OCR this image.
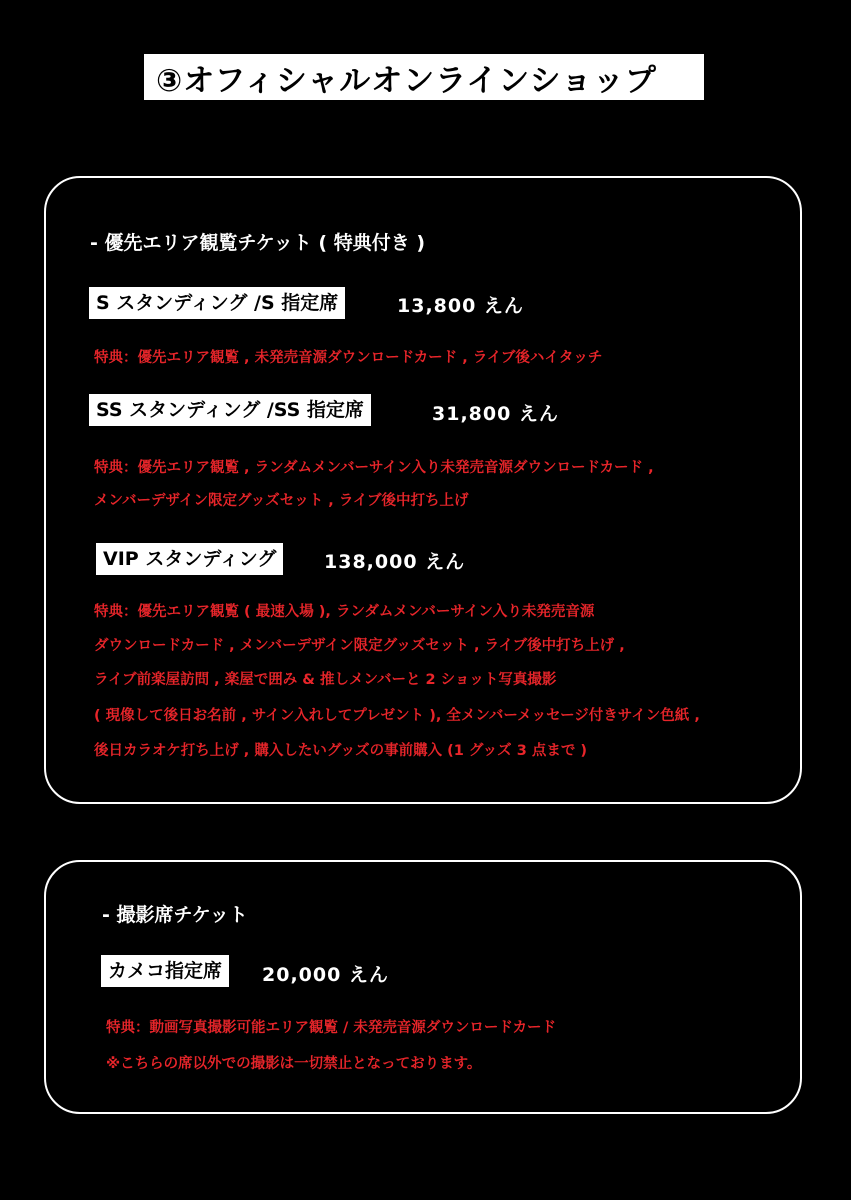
③オフィシャルオンラインショップ
- 優先エリア観覧チケット ( 特典付き )
S スタンディング /S 指定席	13,800 えん
特典：優先エリア観覧 , 未発売音源ダウンロードカード , ライブ後ハイタッチ
SS スタンディング /SS 指定席	31,800 えん
特典：優先エリア観覧 , ランダムメンバーサイン入り未発売音源ダウンロードカード ,
メンバーデザイン限定グッズセット , ライブ後中打ち上げ
VIP スタンディング	138,000 えん
特典：優先エリア観覧 ( 最速入場 ), ランダムメンバーサイン入り未発売音源
ダウンロードカード , メンバーデザイン限定グッズセット , ライブ後中打ち上げ ,
ライブ前楽屋訪問 , 楽屋で囲み & 推しメンバーと 2 ショット写真撮影
( 現像して後日お名前 , サイン入れしてプレゼント ), 全メンバーメッセージ付きサイン色紙 ,
後日カラオケ打ち上げ , 購入したいグッズの事前購入 (1 グッズ 3 点まで )
- 撮影席チケット
カメコ指定席	20,000 えん
特典：動画写真撮影可能エリア観覧 / 未発売音源ダウンロードカード
※こちらの席以外での撮影は一切禁止となっております。
